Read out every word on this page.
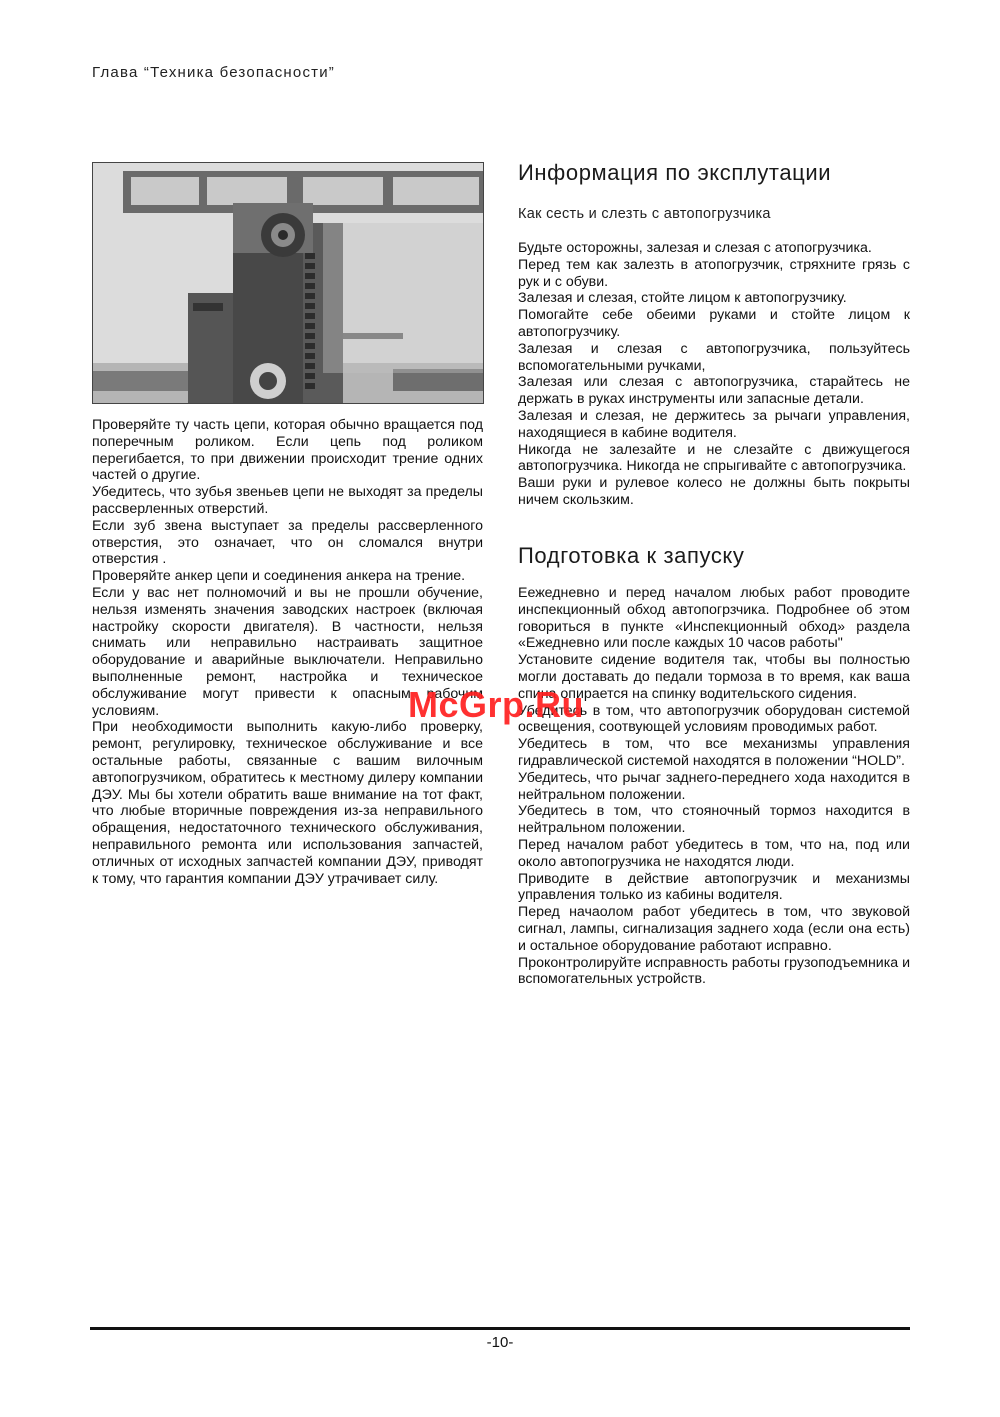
Глава “Техника безопасности”

Проверяйте ту часть цепи, которая обычно вращается под поперечным роликом. Если цепь под роликом перегибается, то при движении происходит трение одних частей о другие.

Убедитесь, что зубья звеньев цепи не выходят за пределы рассверленных отверстий.

Если зуб звена выступает за пределы рассверленного отверстия, это означает, что он сломался внутри отверстия .

Проверяйте анкер цепи и соединения анкера на трение.

Если у вас нет полномочий и вы не прошли обучение, нельзя изменять значения заводских настроек (включая настройку скорости двигателя). В частности, нельзя снимать или неправильно настраивать защитное оборудование и аварийные выключатели. Неправильно выполненные ремонт, настройка и техническое обслуживание могут привести к опасным рабочим условиям.

При необходимости выполнить какую-либо проверку, ремонт, регулировку, техническое обслуживание и все остальные работы, связанные с вашим вилочным автопогрузчиком, обратитесь к местному дилеру компании ДЭУ. Мы бы хотели обратить ваше внимание на тот факт, что любые вторичные повреждения из-за неправильного обращения, недостаточного технического обслуживания, неправильного ремонта или использования запчастей, отличных от исходных запчастей компании ДЭУ, приводят к тому, что гарантия компании ДЭУ утрачивает силу.

Информация по эксплутации
Как сесть и слезть с автопогрузчика

Будьте осторожны, залезая и слезая с атопогрузчика.

Перед тем как залезть в атопогрузчик, стряхните грязь с рук и с обуви.

Залезая и слезая, стойте лицом к автопогрузчику.

Помогайте себе обеими руками и стойте лицом к автопогрузчику.

Залезая и слезая с автопогрузчика, пользуйтесь вспомогательными ручками,

Залезая или слезая с автопогрузчика, старайтесь не держать в руках инструменты или запасные детали.

Залезая и слезая, не держитесь за рычаги управления, находящиеся в кабине водителя.

Никогда не залезайте и не слезайте с движущегося автопогрузчика. Никогда не спрыгивайте с автопогрузчика.

Ваши руки и рулевое колесо не должны быть покрыты ничем скользким.

Подготовка к запуску

Еежедневно и перед началом любых работ проводите инспекционный обход автопогрзчика. Подробнее об этом говориться в пункте «Инспекционный обход» раздела «Ежедневно или после каждых 10 часов работы"

Установите сидение водителя так, чтобы вы полностью могли доставать до педали тормоза в то время, как ваша спина опирается на спинку водительского сидения.

Убедитесь в том, что автопогрузчик оборудован системой освещения, соотвующей условиям проводимых работ.

Убедитесь в том, что все механизмы управления гидравлической системой находятся в положении “HOLD”.

Убедитесь, что рычаг заднего-переднего хода находится в нейтральном положении.

Убедитесь в том, что стояночный тормоз находится в нейтральном положении.

Перед началом работ убедитесь в том, что на, под или около автопогрузчика не находятся люди.

Приводите в действие автопогрузчик и механизмы управления только из кабины водителя.

Перед начаолом работ убедитесь в том, что звуковой сигнал, лампы, сигнализация заднего хода (если она есть) и остальное оборудование работают исправно.

Проконтролируйте исправность работы грузоподъемника и вспомогательных устройств.

McGrp.Ru
-10-
